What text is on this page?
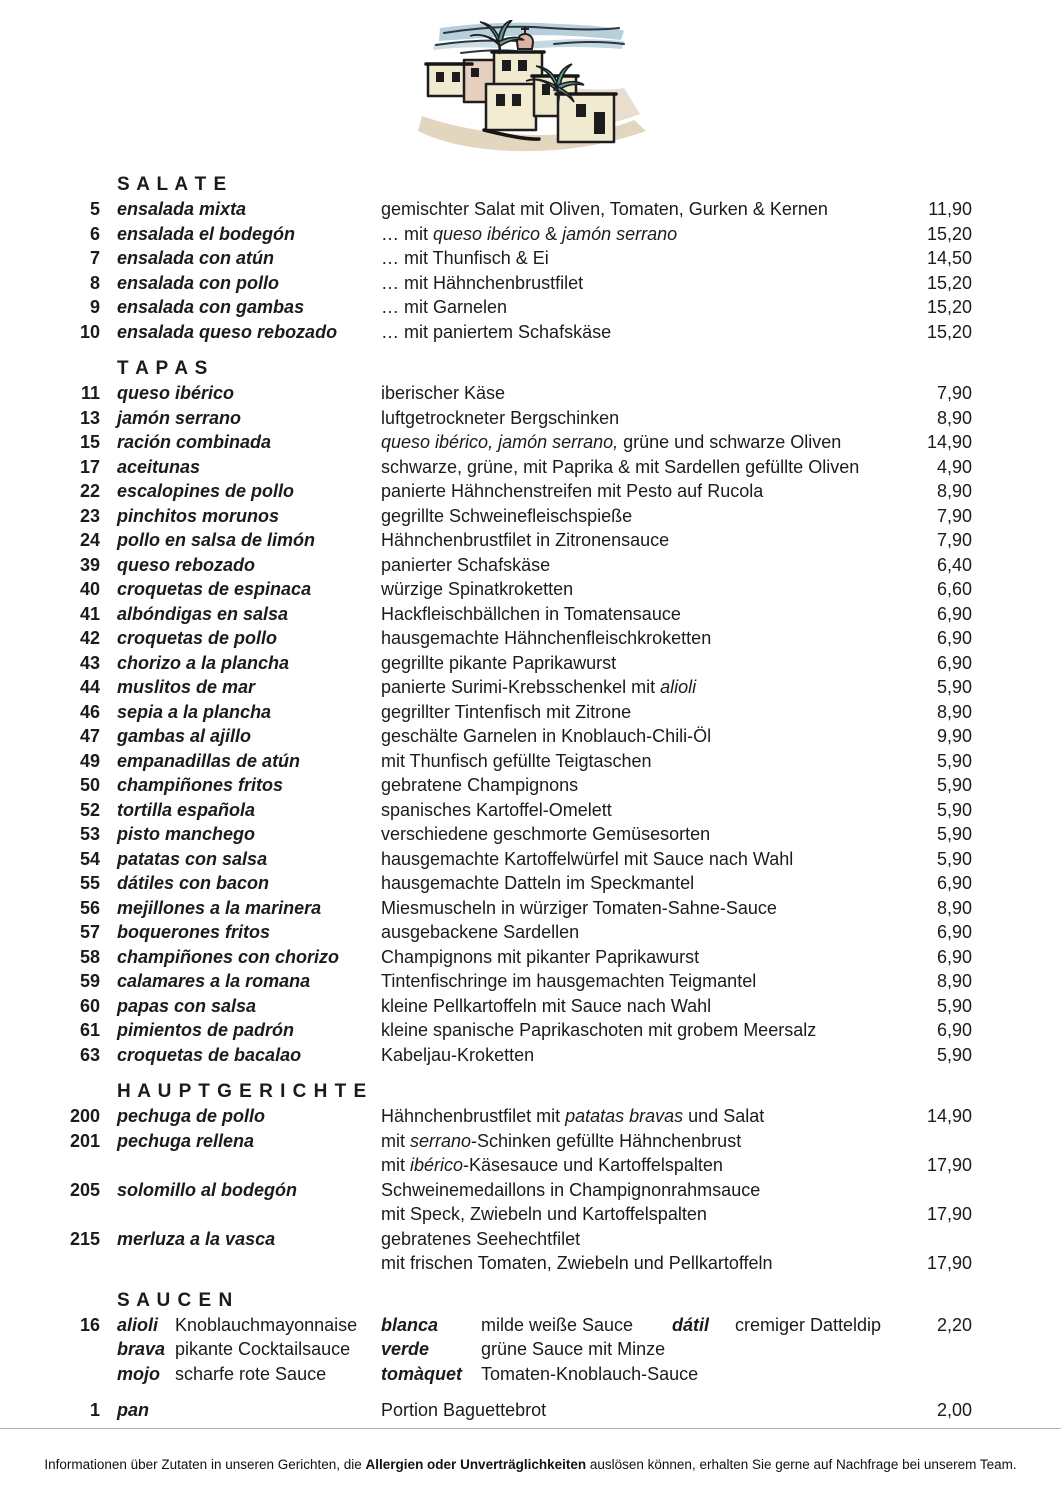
S A L A T E
5 ensalada mixta	gemischter Salat mit Oliven, Tomaten, Gurken & Kernen	11,90
6 ensalada el bodegón	… mit queso ibérico & jamón serrano	15,20
7 ensalada con atún	… mit Thunfisch & Ei	14,50
8 ensalada con pollo	… mit Hähnchenbrustfilet	15,20
9 ensalada con gambas	… mit Garnelen	15,20
10 ensalada queso rebozado	… mit paniertem Schafskäse	15,20
T A P A S
11 queso ibérico	iberischer Käse	7,90
13 jamón serrano	luftgetrockneter Bergschinken	8,90
15 ración combinada	queso ibérico, jamón serrano, grüne und schwarze Oliven	14,90
17 aceitunas	schwarze, grüne, mit Paprika & mit Sardellen gefüllte Oliven	4,90
22 escalopines de pollo	panierte Hähnchenstreifen mit Pesto auf Rucola	8,90
23 pinchitos morunos	gegrillte Schweinefleischspieße	7,90
24 pollo en salsa de limón	Hähnchenbrustfilet in Zitronensauce	7,90
39 queso rebozado	panierter Schafskäse	6,40
40 croquetas de espinaca	würzige Spinatkroketten	6,60
41 albóndigas en salsa	Hackfleischbällchen in Tomatensauce	6,90
42 croquetas de pollo	hausgemachte Hähnchenfleischkroketten	6,90
43 chorizo a la plancha	gegrillte pikante Paprikawurst	6,90
44 muslitos de mar	panierte Surimi-Krebsschenkel mit alioli	5,90
46 sepia a la plancha	gegrillter Tintenfisch mit Zitrone	8,90
47 gambas al ajillo	geschälte Garnelen in Knoblauch-Chili-Öl	9,90
49 empanadillas de atún	mit Thunfisch gefüllte Teigtaschen	5,90
50 champiñones fritos	gebratene Champignons	5,90
52 tortilla española	spanisches Kartoffel-Omelett	5,90
53 pisto manchego	verschiedene geschmorte Gemüsesorten	5,90
54 patatas con salsa	hausgemachte Kartoffelwürfel mit Sauce nach Wahl	5,90
55 dátiles con bacon	hausgemachte Datteln im Speckmantel	6,90
56 mejillones a la marinera	Miesmuscheln in würziger Tomaten-Sahne-Sauce	8,90
57 boquerones fritos	ausgebackene Sardellen	6,90
58 champiñones con chorizo	Champignons mit pikanter Paprikawurst	6,90
59 calamares a la romana	Tintenfischringe im hausgemachten Teigmantel	8,90
60 papas con salsa	kleine Pellkartoffeln mit Sauce nach Wahl	5,90
61 pimientos de padrón	kleine spanische Paprikaschoten mit grobem Meersalz	6,90
63 croquetas de bacalao	Kabeljau-Kroketten	5,90
H A U P T G E R I C H T E
200 pechuga de pollo	Hähnchenbrustfilet mit patatas bravas und Salat	14,90
201 pechuga rellena	mit serrano-Schinken gefüllte Hähnchenbrust
mit ibérico-Käsesauce und Kartoffelspalten	17,90
205 solomillo al bodegón	Schweinemedaillons in Champignonrahmsauce
mit Speck, Zwiebeln und Kartoffelspalten	17,90
215 merluza a la vasca	gebratenes Seehechtfilet
mit frischen Tomaten, Zwiebeln und Pellkartoffeln	17,90
S A U C E N
16 alioli Knoblauchmayonnaise	blanca	milde weiße Sauce	dátil	cremiger Datteldip	2,20
brava pikante Cocktailsauce	verde	grüne Sauce mit Minze
mojo scharfe rote Sauce	tomàquet	Tomaten-Knoblauch-Sauce
1 pan	Portion Baguettebrot	2,00

Informationen über Zutaten in unseren Gerichten, die Allergien oder Unverträglichkeiten auslösen können, erhalten Sie gerne auf Nachfrage bei unserem Team.
